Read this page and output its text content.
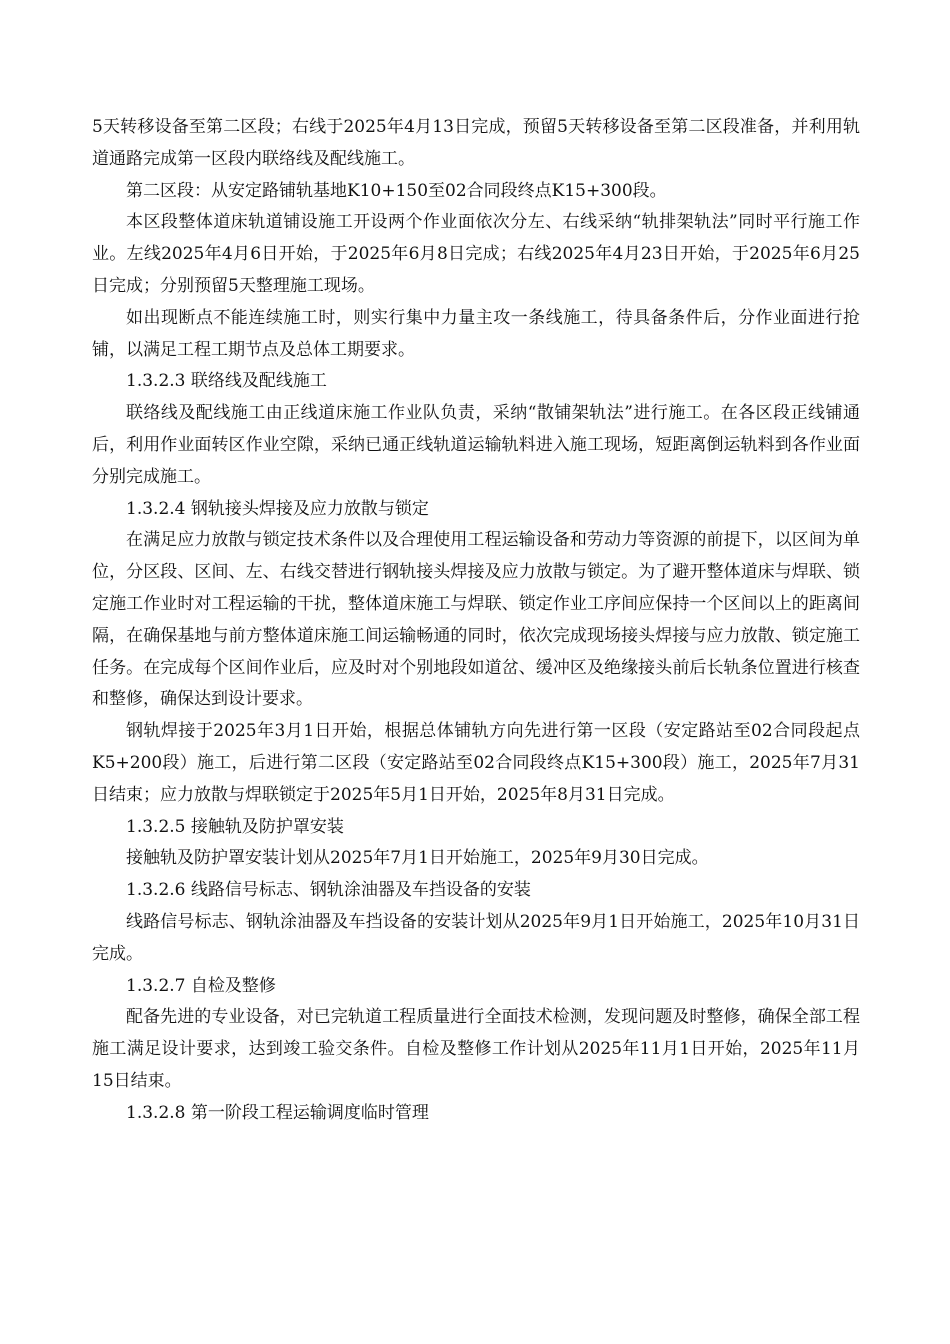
5天转移设备至第二区段；右线于2025年4月13日完成，预留5天转移设备至第二区段准备，并利用轨道通路完成第一区段内联络线及配线施工。

第二区段：从安定路铺轨基地K10+150至02合同段终点K15+300段。

本区段整体道床轨道铺设施工开设两个作业面依次分左、右线采纳“轨排架轨法”同时平行施工作业。左线2025年4月6日开始，于2025年6月8日完成；右线2025年4月23日开始，于2025年6月25日完成；分别预留5天整理施工现场。

如出现断点不能连续施工时，则实行集中力量主攻一条线施工，待具备条件后，分作业面进行抢铺，以满足工程工期节点及总体工期要求。

1.3.2.3 联络线及配线施工

联络线及配线施工由正线道床施工作业队负责，采纳“散铺架轨法”进行施工。在各区段正线铺通后，利用作业面转区作业空隙，采纳已通正线轨道运输轨料进入施工现场，短距离倒运轨料到各作业面分别完成施工。

1.3.2.4 钢轨接头焊接及应力放散与锁定

在满足应力放散与锁定技术条件以及合理使用工程运输设备和劳动力等资源的前提下，以区间为单位，分区段、区间、左、右线交替进行钢轨接头焊接及应力放散与锁定。为了避开整体道床与焊联、锁定施工作业时对工程运输的干扰，整体道床施工与焊联、锁定作业工序间应保持一个区间以上的距离间隔，在确保基地与前方整体道床施工间运输畅通的同时，依次完成现场接头焊接与应力放散、锁定施工任务。在完成每个区间作业后，应及时对个别地段如道岔、缓冲区及绝缘接头前后长轨条位置进行核查和整修，确保达到设计要求。

钢轨焊接于2025年3月1日开始，根据总体铺轨方向先进行第一区段（安定路站至02合同段起点K5+200段）施工，后进行第二区段（安定路站至02合同段终点K15+300段）施工，2025年7月31日结束；应力放散与焊联锁定于2025年5月1日开始，2025年8月31日完成。

1.3.2.5 接触轨及防护罩安装

接触轨及防护罩安装计划从2025年7月1日开始施工，2025年9月30日完成。

1.3.2.6 线路信号标志、钢轨涂油器及车挡设备的安装

线路信号标志、钢轨涂油器及车挡设备的安装计划从2025年9月1日开始施工，2025年10月31日完成。

1.3.2.7 自检及整修

配备先进的专业设备，对已完轨道工程质量进行全面技术检测，发现问题及时整修，确保全部工程施工满足设计要求，达到竣工验交条件。自检及整修工作计划从2025年11月1日开始，2025年11月15日结束。

1.3.2.8 第一阶段工程运输调度临时管理
